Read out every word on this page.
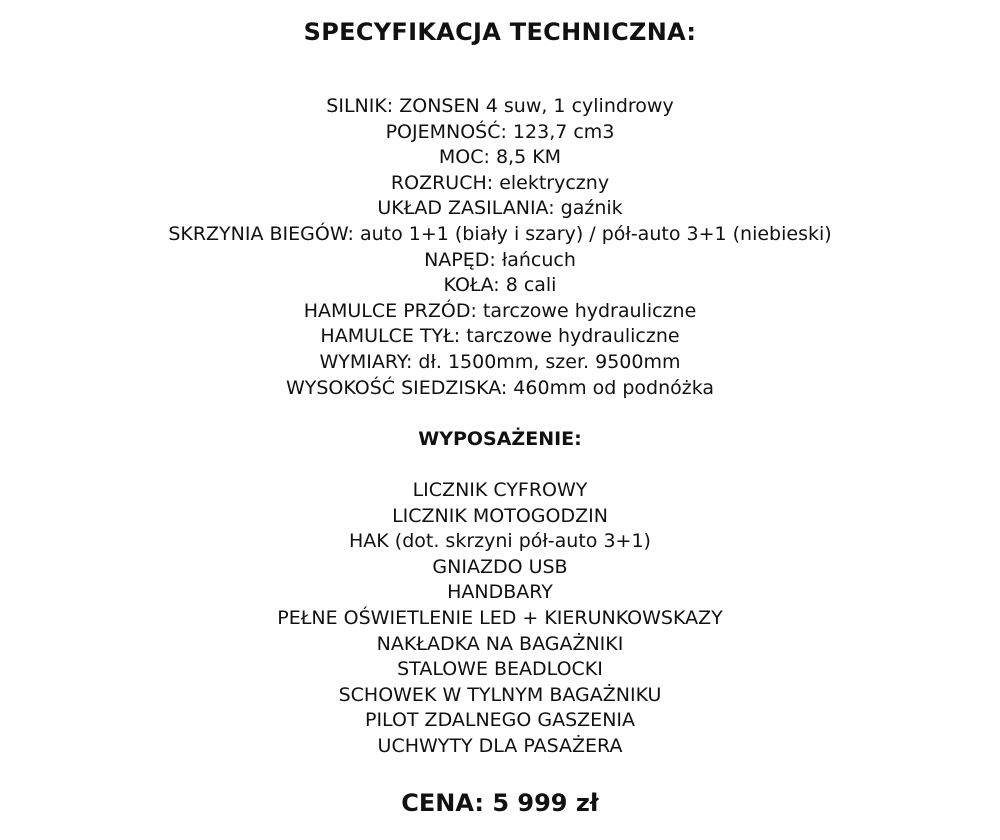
SPECYFIKACJA TECHNICZNA:
SILNIK: ZONSEN 4 suw, 1 cylindrowy
POJEMNOŚĆ: 123,7 cm3
MOC: 8,5 KM
ROZRUCH: elektryczny
UKŁAD ZASILANIA: gaźnik
SKRZYNIA BIEGÓW: auto 1+1 (biały i szary) / pół-auto 3+1 (niebieski)
NAPĘD: łańcuch
KOŁA: 8 cali
HAMULCE PRZÓD: tarczowe hydrauliczne
HAMULCE TYŁ: tarczowe hydrauliczne
WYMIARY: dł. 1500mm, szer. 9500mm
WYSOKOŚĆ SIEDZISKA: 460mm od podnóżka
WYPOSAŻENIE:
LICZNIK CYFROWY
LICZNIK MOTOGODZIN
HAK (dot. skrzyni pół-auto 3+1)
GNIAZDO USB
HANDBARY
PEŁNE OŚWIETLENIE LED + KIERUNKOWSKAZY
NAKŁADKA NA BAGAŻNIKI
STALOWE BEADLOCKI
SCHOWEK W TYLNYM BAGAŻNIKU
PILOT ZDALNEGO GASZENIA
UCHWYTY DLA PASAŻERA
CENA: 5 999 zł
